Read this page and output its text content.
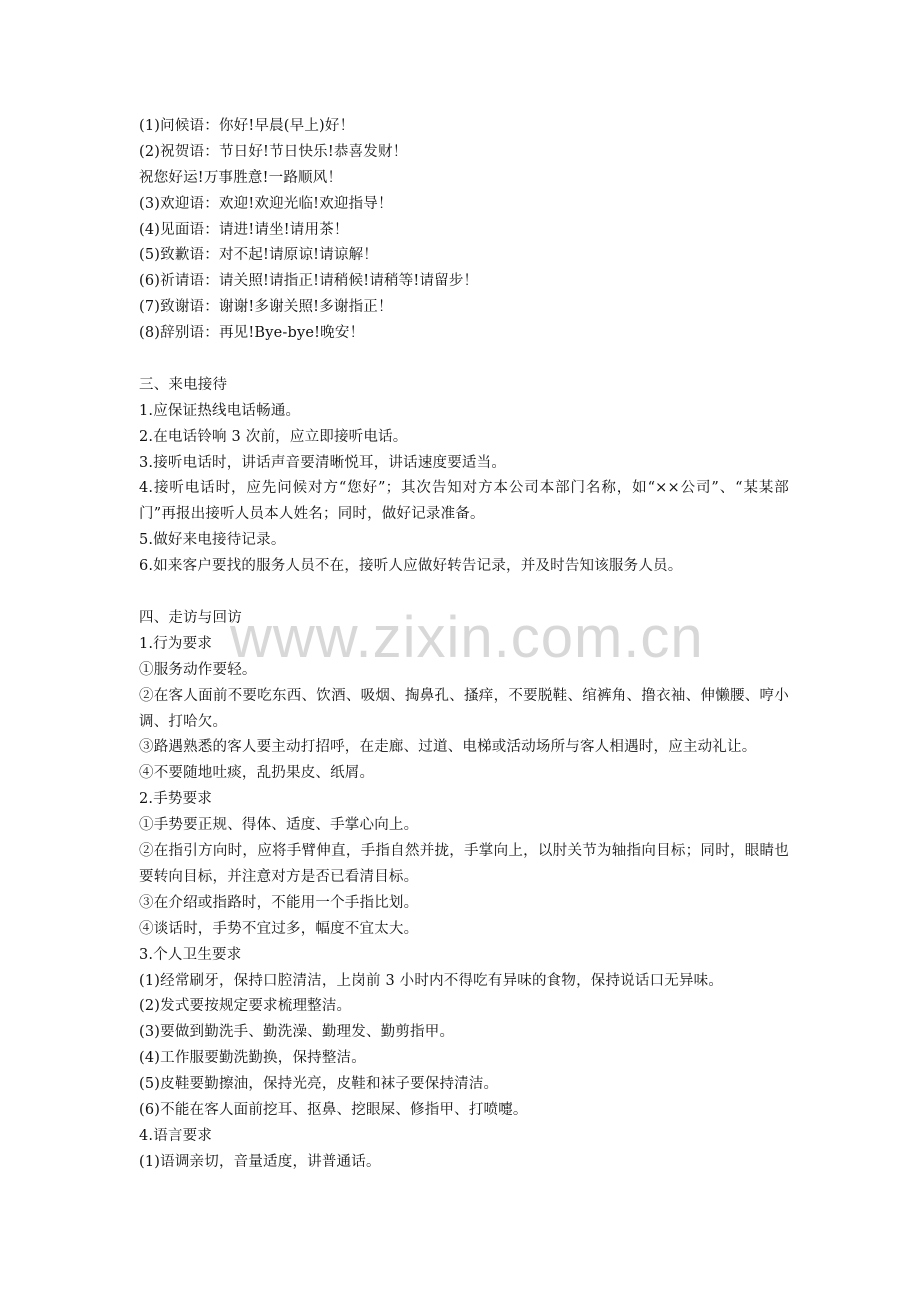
(1)问候语：你好!早晨(早上)好！
(2)祝贺语：节日好!节日快乐!恭喜发财！
祝您好运!万事胜意!一路顺风！
(3)欢迎语：欢迎!欢迎光临!欢迎指导！
(4)见面语：请进!请坐!请用茶！
(5)致歉语：对不起!请原谅!请谅解！
(6)祈请语：请关照!请指正!请稍候!请稍等!请留步！
(7)致谢语：谢谢!多谢关照!多谢指正！
(8)辞别语：再见!Bye-bye!晚安！
三、来电接待
1.应保证热线电话畅通。
2.在电话铃响 3 次前，应立即接听电话。
3.接听电话时，讲话声音要清晰悦耳，讲话速度要适当。
4.接听电话时，应先问候对方“您好”；其次告知对方本公司本部门名称，如“××公司”、“某某部门”再报出接听人员本人姓名；同时，做好记录准备。
5.做好来电接待记录。
6.如来客户要找的服务人员不在，接听人应做好转告记录，并及时告知该服务人员。
四、走访与回访
1.行为要求
①服务动作要轻。
②在客人面前不要吃东西、饮酒、吸烟、掏鼻孔、搔痒，不要脱鞋、绾裤角、撸衣袖、伸懒腰、哼小调、打哈欠。
③路遇熟悉的客人要主动打招呼，在走廊、过道、电梯或活动场所与客人相遇时，应主动礼让。
④不要随地吐痰，乱扔果皮、纸屑。
2.手势要求
①手势要正规、得体、适度、手掌心向上。
②在指引方向时，应将手臂伸直，手指自然并拢，手掌向上，以肘关节为轴指向目标；同时，眼睛也要转向目标，并注意对方是否已看清目标。
③在介绍或指路时，不能用一个手指比划。
④谈话时，手势不宜过多，幅度不宜太大。
3.个人卫生要求
(1)经常刷牙，保持口腔清洁，上岗前 3 小时内不得吃有异味的食物，保持说话口无异味。
(2)发式要按规定要求梳理整洁。
(3)要做到勤洗手、勤洗澡、勤理发、勤剪指甲。
(4)工作服要勤洗勤换，保持整洁。
(5)皮鞋要勤擦油，保持光亮，皮鞋和袜子要保持清洁。
(6)不能在客人面前挖耳、抠鼻、挖眼屎、修指甲、打喷嚏。
4.语言要求
(1)语调亲切，音量适度，讲普通话。
www.zixin.com.cn
